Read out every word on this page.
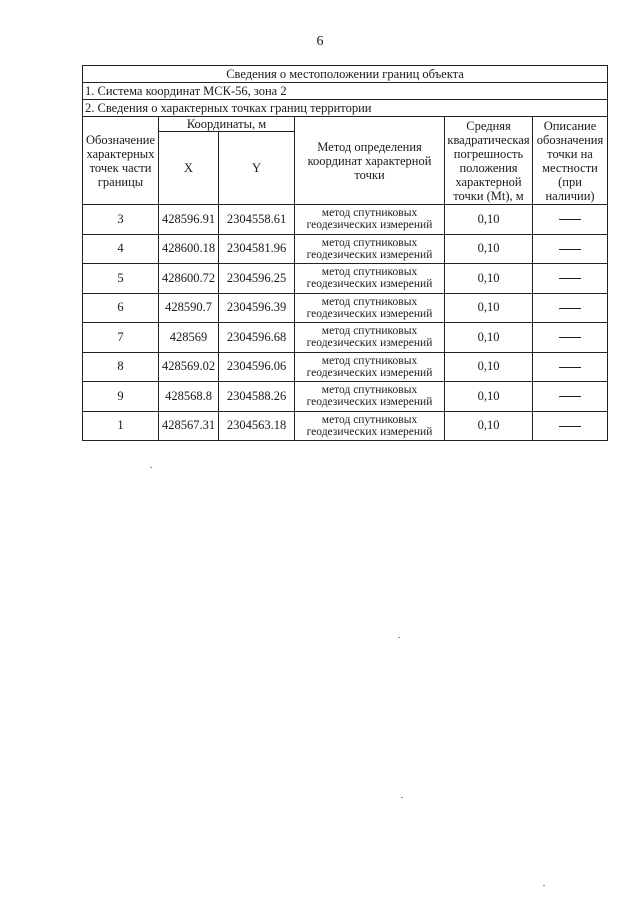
6
Сведения о местоположении границ объекта					
1. Система координат МСК-56, зона 2					
2. Сведения о характерных точках границ территории					
Обозначение характерных точек части границы	Координаты, м		Метод определения координат характерной точки	Средняя квадратическая погрешность положения характерной точки (Mt), м	Описание обозначения точки на местности (при наличии)
	X	Y			
3	428596.91	2304558.61	метод спутниковых геодезических измерений	0,10	
4	428600.18	2304581.96	метод спутниковых геодезических измерений	0,10	
5	428600.72	2304596.25	метод спутниковых геодезических измерений	0,10	
6	428590.7	2304596.39	метод спутниковых геодезических измерений	0,10	
7	428569	2304596.68	метод спутниковых геодезических измерений	0,10	
8	428569.02	2304596.06	метод спутниковых геодезических измерений	0,10	
9	428568.8	2304588.26	метод спутниковых геодезических измерений	0,10	
1	428567.31	2304563.18	метод спутниковых геодезических измерений	0,10	
